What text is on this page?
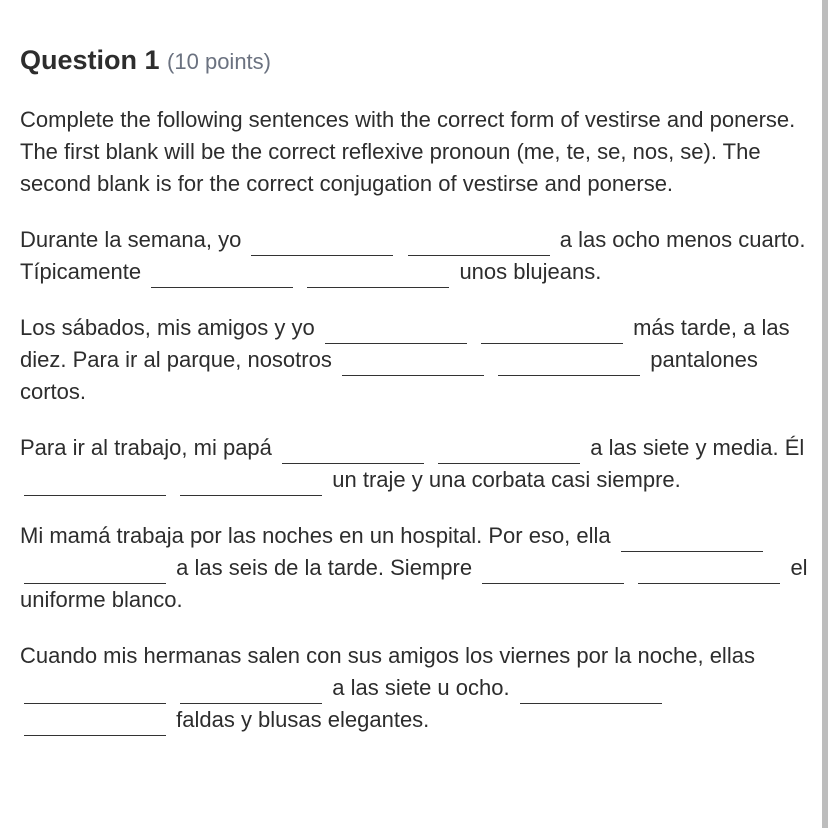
Question 1 (10 points)

Complete the following sentences with the correct form of vestirse and ponerse. The first blank will be the correct reflexive pronoun (me, te, se, nos, se). The second blank is for the correct conjugation of vestirse and ponerse.

Durante la semana, yo	a las ocho menos cuarto. Típicamente	unos blujeans.

Los sábados, mis amigos y yo	más tarde, a las diez. Para ir al parque, nosotros	pantalones cortos.

Para ir al trabajo, mi papá	a las siete y media. Él   un traje y una corbata casi siempre.

Mi mamá trabaja por las noches en un hospital. Por eso, ella   a las seis de la tarde. Siempre	el uniforme blanco.

Cuando mis hermanas salen con sus amigos los viernes por la noche, ellas   a las siete u ocho.   faldas y blusas elegantes.
